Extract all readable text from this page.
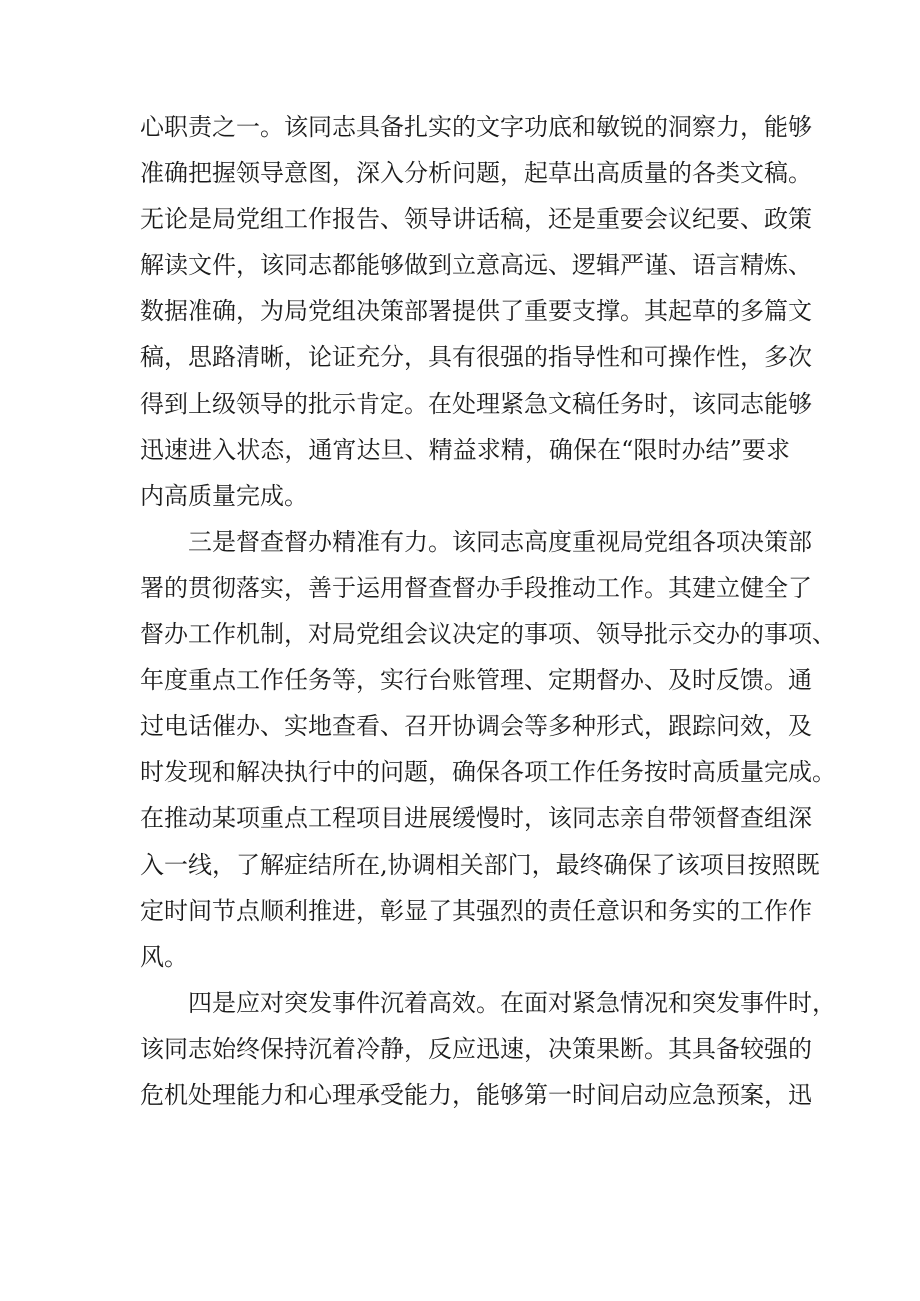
心职责之一。该同志具备扎实的文字功底和敏锐的洞察力，能够
准确把握领导意图，深入分析问题，起草出高质量的各类文稿。
无论是局党组工作报告、领导讲话稿，还是重要会议纪要、政策
解读文件，该同志都能够做到立意高远、逻辑严谨、语言精炼、
数据准确，为局党组决策部署提供了重要支撑。其起草的多篇文
稿，思路清晰，论证充分，具有很强的指导性和可操作性，多次
得到上级领导的批示肯定。在处理紧急文稿任务时，该同志能够
迅速进入状态，通宵达旦、精益求精，确保在“限时办结”要求
内高质量完成。
三是督查督办精准有力。该同志高度重视局党组各项决策部
署的贯彻落实，善于运用督查督办手段推动工作。其建立健全了
督办工作机制，对局党组会议决定的事项、领导批示交办的事项、
年度重点工作任务等，实行台账管理、定期督办、及时反馈。通
过电话催办、实地查看、召开协调会等多种形式，跟踪问效，及
时发现和解决执行中的问题，确保各项工作任务按时高质量完成。
在推动某项重点工程项目进展缓慢时，该同志亲自带领督查组深
入一线，了解症结所在,协调相关部门，最终确保了该项目按照既
定时间节点顺利推进，彰显了其强烈的责任意识和务实的工作作
风。
四是应对突发事件沉着高效。在面对紧急情况和突发事件时，
该同志始终保持沉着冷静，反应迅速，决策果断。其具备较强的
危机处理能力和心理承受能力，能够第一时间启动应急预案，迅
